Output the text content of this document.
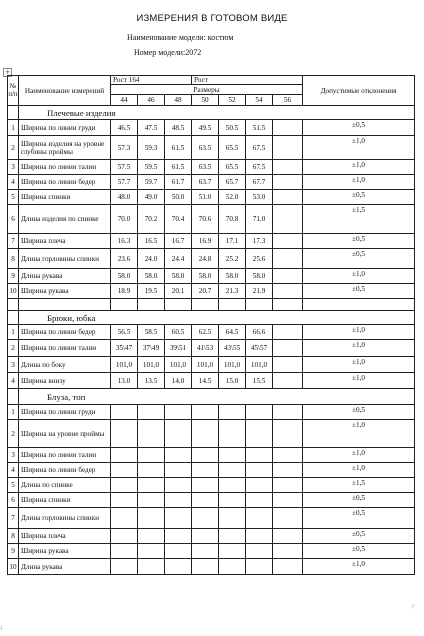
ИЗМЕРЕНИЯ В ГОТОВОМ ВИДЕ
Наименование модели: костюм
Номер модели:2072
+
┘
┌
№ п/п	Наименование измерений	Рост 164			Рост				Допустимые отклонения
		Размеры							
		44	46	48	50	52	54	56	
	Плечевые изделия								
1	Ширина по линии груди	46.5	47.5	48.5	49.5	50.5	51.5		±0,5
2	Ширина изделия на уровне глубины проймы	57.3	59.3	61.5	63.5	65.5	67.5		±1,0
3	Ширина по линии талии	57.5	59.5	61.5	63.5	65.5	67.5		±1,0
4	Ширина по линии бедер	57.7	59.7	61.7	63.7	65.7	67.7		±1,0
5	Ширина спинки	48.0	49.0	50.0	51.0	52.0	53.0		±0,5
6	Длина изделия по спинке	70.0	70.2	70.4	70.6	70.8	71.0		±1,5
7	Ширина плеча	16.3	16.5	16.7	16.9	17.1	17.3		±0,5
8	Длина горловины спинки	23.6	24.0	24.4	24.8	25.2	25.6		±0,5
9	Длина рукава	58.0	58.0	58.0	58.0	58.0	58.0		±1,0
10	Ширина рукава	18.9	19.5	20.1	20.7	21.3	21.9		±0,5

	Брюки, юбка								
1	Ширина по линии бедер	56.5	58.5	60.5	62.5	64.5	66.6		±1,0
2	Ширина по линии талии	35\47	37\49	39\51	41\53	43\55	45\57		±1,0
3	Длина по боку	101,0	101,0	101,0	101,0	101,0	101,0		±1,0
4	Ширина внизу	13.0	13.5	14.0	14.5	15.0	15.5		±1,0
	Блуза, топ								
1	Ширина по линии груди								±0,5
2	Ширина на уровне проймы								±1,0
3	Ширина по линии талии								±1,0
4	Ширина по линии бедер								±1,0
5	Длина по спинке								±1,5
6	Ширина спинки								±0,5
7	Длина горловины спинки								±0,5
8	Ширина плеча								±0,5
9	Ширина рукава								±0,5
10	Длина рукава								±1,0
